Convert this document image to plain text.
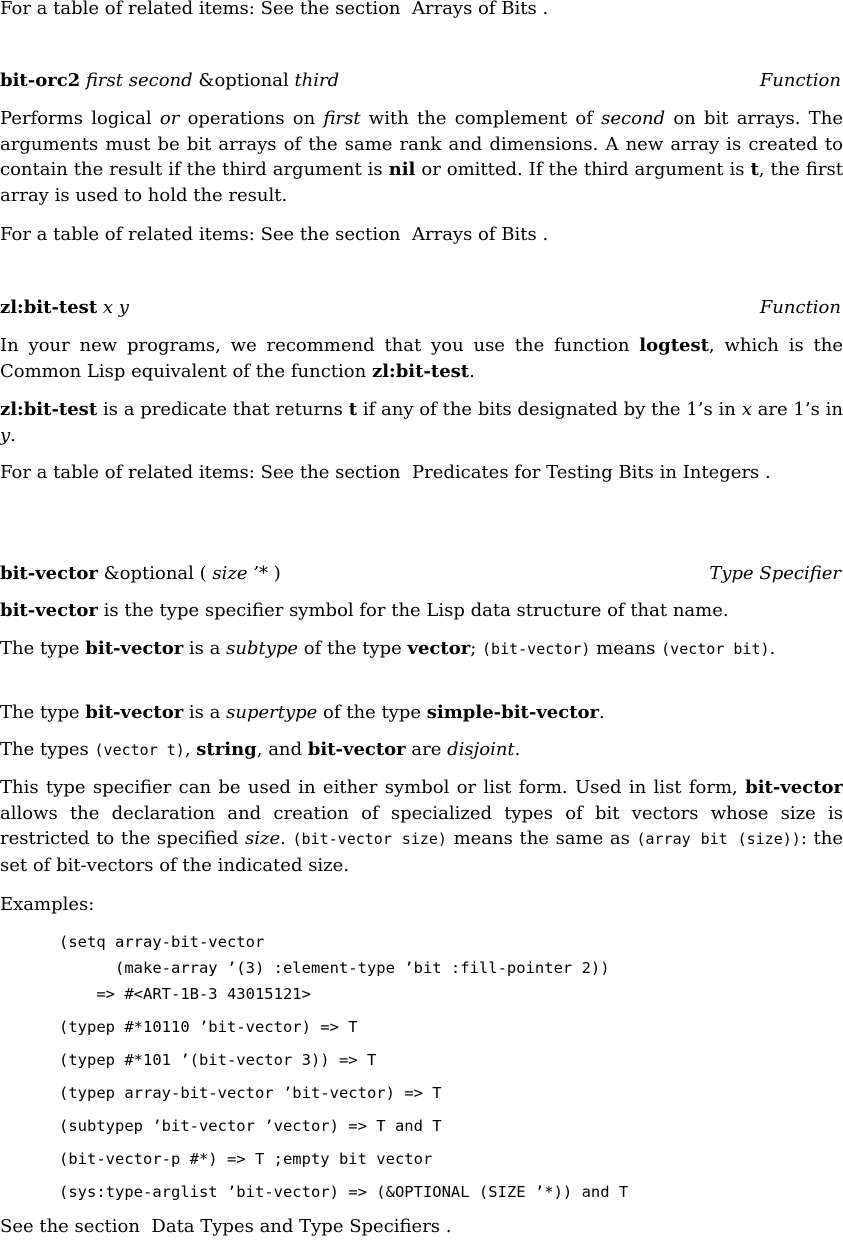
For a table of related items: See the section Arrays of Bits .
bit-orc2 first second &optional third	Function

Performs logical or operations on first with the complement of second on bit arrays. The arguments must be bit arrays of the same rank and dimensions. A new array is created to contain the result if the third argument is nil or omitted. If the third argument is t, the first array is used to hold the result.

For a table of related items: See the section Arrays of Bits .
zl:bit-test x y	Function

In your new programs, we recommend that you use the function logtest, which is the Common Lisp equivalent of the function zl:bit-test.

zl:bit-test is a predicate that returns t if any of the bits designated by the 1’s in x are 1’s in y.

For a table of related items: See the section Predicates for Testing Bits in Integers .

bit-vector &optional ( size ’* )	Type Specifier
bit-vector is the type specifier symbol for the Lisp data structure of that name.

The type bit-vector is a subtype of the type vector; (bit-vector) means (vector bit).

The type bit-vector is a supertype of the type simple-bit-vector.
The types (vector t), string, and bit-vector are disjoint.

This type specifier can be used in either symbol or list form. Used in list form, bit-vector allows the declaration and creation of specialized types of bit vectors whose size is restricted to the specified size. (bit-vector size) means the same as (array bit (size)): the set of bit-vectors of the indicated size.

Examples:
(setq array-bit-vector
(make-array ’(3) :element-type ’bit :fill-pointer 2))
=> #<ART-1B-3 43015121>
(typep #*10110 ’bit-vector) => T
(typep #*101 ’(bit-vector 3)) => T
(typep array-bit-vector ’bit-vector) => T
(subtypep ’bit-vector ’vector) => T and T
(bit-vector-p #*) => T ;empty bit vector
(sys:type-arglist ’bit-vector) => (&OPTIONAL (SIZE ’*)) and T
See the section Data Types and Type Specifiers .
